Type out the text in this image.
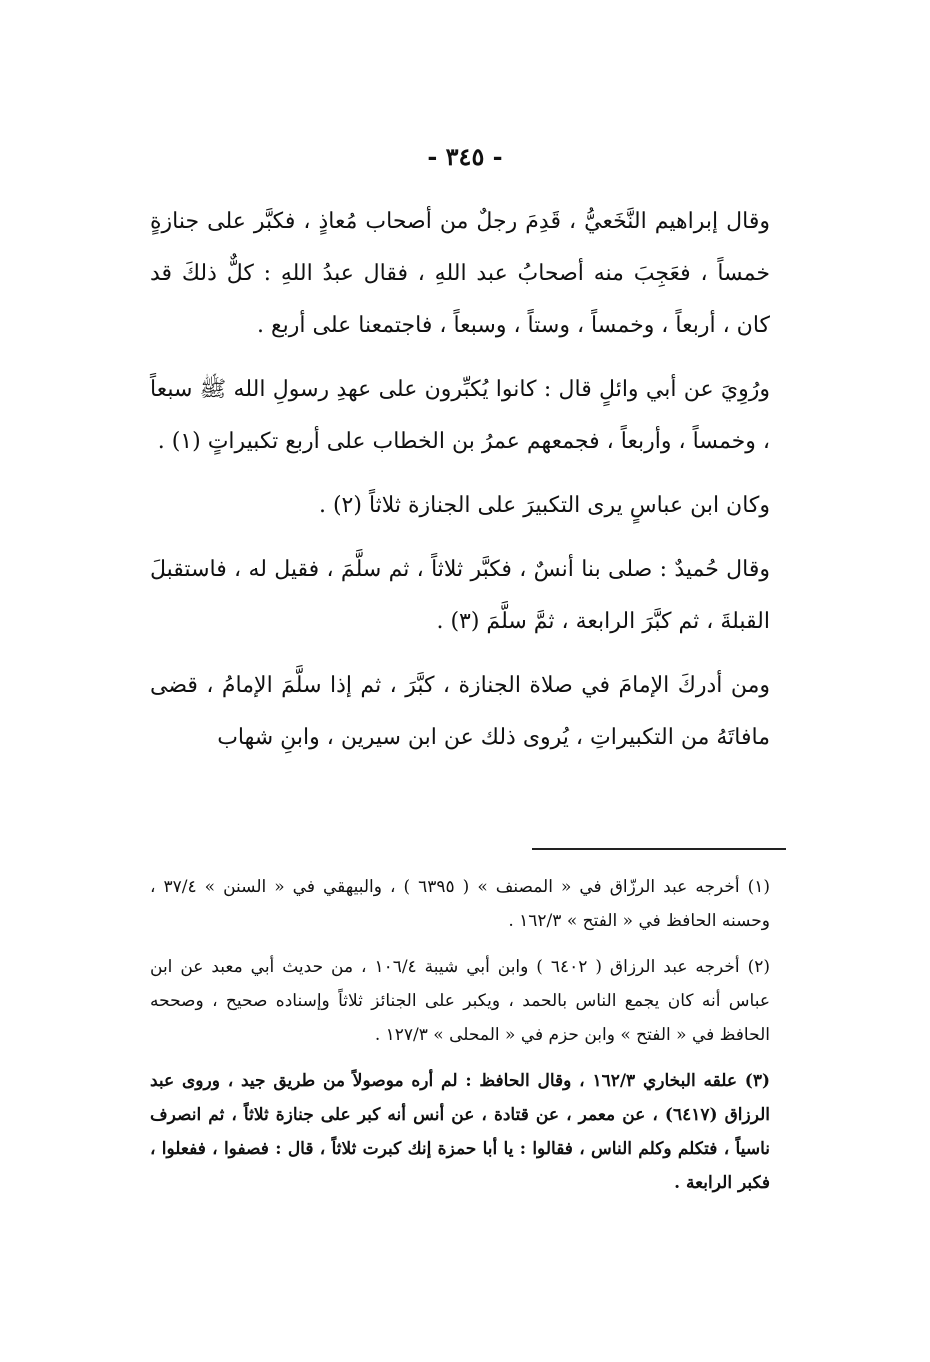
- ٣٤٥ -

وقال إبراهيم النَّخَعيُّ ، قَدِمَ رجلٌ من أصحاب مُعاذٍ ، فكبَّر على جنازةٍ خمساً ، فعَجِبَ منه أصحابُ عبد اللهِ ، فقال عبدُ اللهِ : كلٌّ ذلكَ قد كان ، أربعاً ، وخمساً ، وستاً ، وسبعاً ، فاجتمعنا على أربع .

ورُوِيَ عن أبي وائلٍ قال : كانوا يُكبِّرون على عهدِ رسولِ الله ﷺ سبعاً ، وخمساً ، وأربعاً ، فجمعهم عمرُ بن الخطاب على أربع تكبيراتٍ (١) .

وكان ابن عباسٍ يرى التكبيرَ على الجنازة ثلاثاً (٢) .

وقال حُميدٌ : صلى بنا أنسٌ ، فكبَّر ثلاثاً ، ثم سلَّمَ ، فقيل له ، فاستقبلَ القبلةَ ، ثم كبَّرَ الرابعة ، ثمَّ سلَّمَ (٣) .

ومن أدركَ الإمامَ في صلاة الجنازة ، كبَّرَ ، ثم إذا سلَّمَ الإمامُ ، قضى مافاتَهُ من التكبيراتِ ، يُروى ذلك عن ابن سيرين ، وابنِ شهاب

(١) أخرجه عبد الرزّاق في « المصنف » ( ٦٣٩٥ ) ، والبيهقي في « السنن » ٣٧/٤ ، وحسنه الحافظ في « الفتح » ١٦٢/٣ .

(٢) أخرجه عبد الرزاق ( ٦٤٠٢ ) وابن أبي شيبة ١٠٦/٤ ، من حديث أبي معبد عن ابن عباس أنه كان يجمع الناس بالحمد ، ويكبر على الجنائز ثلاثاً وإسناده صحيح ، وصححه الحافظ في « الفتح » وابن حزم في « المحلى » ١٢٧/٣ .

(٣) علقه البخاري ١٦٢/٣ ، وقال الحافظ : لم أره موصولاً من طريق جيد ، وروى عبد الرزاق (٦٤١٧) ، عن معمر ، عن قتادة ، عن أنس أنه كبر على جنازة ثلاثاً ، ثم انصرف ناسياً ، فتكلم وكلم الناس ، فقالوا : يا أبا حمزة إنك كبرت ثلاثاً ، قال : فصفوا ، ففعلوا ، فكبر الرابعة .
